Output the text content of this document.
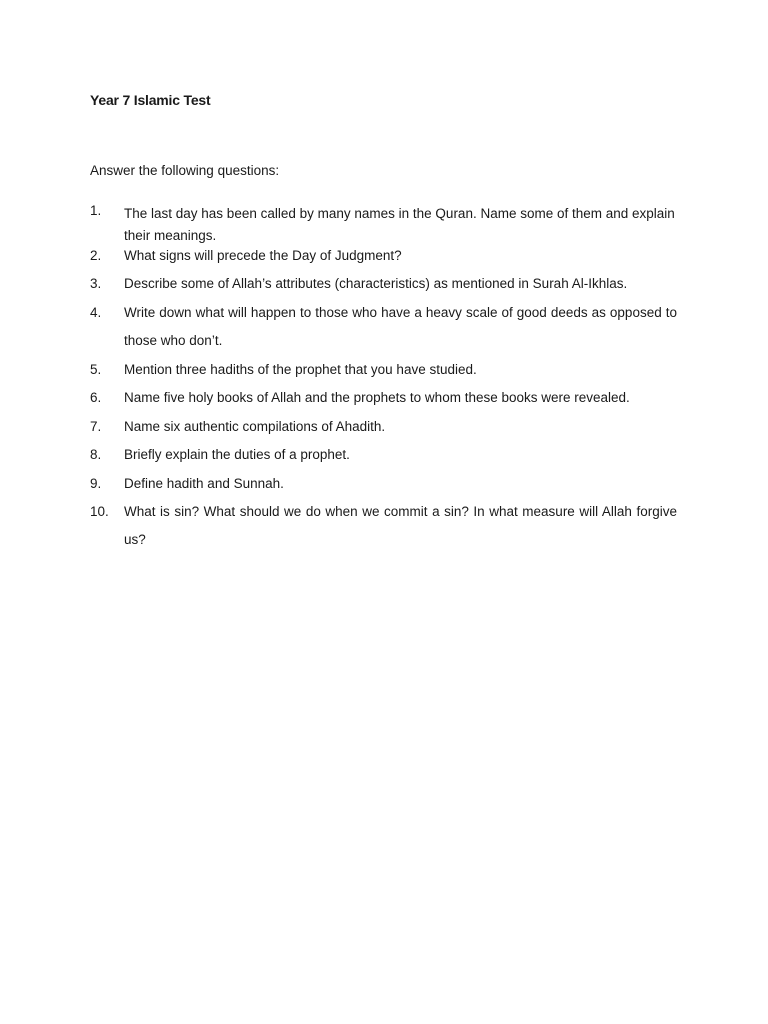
Year 7 Islamic Test

Answer the following questions:

1.	The last day has been called by many names in the Quran. Name some of them and explain their meanings.
2.	What signs will precede the Day of Judgment?
3.	Describe some of Allah’s attributes (characteristics) as mentioned in Surah Al-Ikhlas.
4.	Write down what will happen to those who have a heavy scale of good deeds as opposed to those who don’t.
5.	Mention three hadiths of the prophet that you have studied.
6.	Name five holy books of Allah and the prophets to whom these books were revealed.
7.	Name six authentic compilations of Ahadith.
8.	Briefly explain the duties of a prophet.
9.	Define hadith and Sunnah.
10.	What is sin? What should we do when we commit a sin? In what measure will Allah forgive us?
